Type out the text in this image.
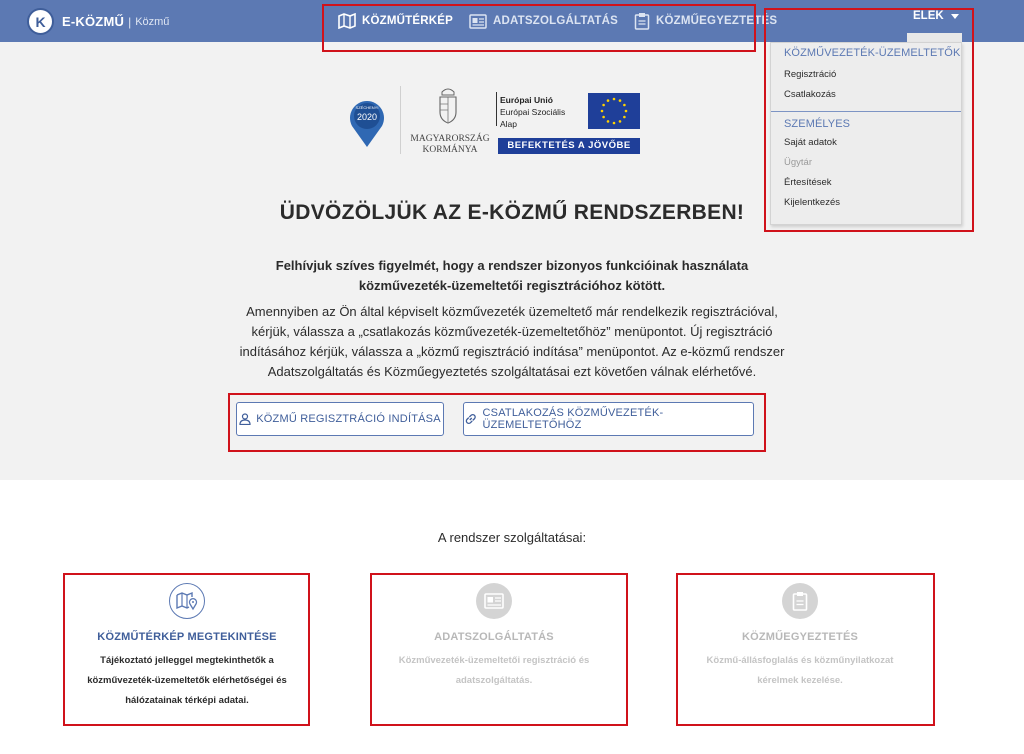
K	E-KÖZMŰ | Közmű	KÖZMŰTÉRKÉP	ADATSZOLGÁLTATÁS	KÖZMŰEGYEZTETÉS	ELEK
KÖZMŰVEZETÉK-ÜZEMELTETŐK
Regisztráció
Csatlakozás
SZEMÉLYES
Saját adatok
Ügytár
Értesítések
Kijelentkezés
SZÉCHENYI
2020
MAGYARORSZÁG
KORMÁNYA
Európai Unió
Európai Szociális
Alap
BEFEKTETÉS A JÖVŐBE
ÜDVÖZÖLJÜK AZ E-KÖZMŰ RENDSZERBEN!
Felhívjuk szíves figyelmét, hogy a rendszer bizonyos funkcióinak használata
közművezeték-üzemeltetői regisztrációhoz kötött.
Amennyiben az Ön által képviselt közművezeték üzemeltető már rendelkezik regisztrációval,
kérjük, válassza a „csatlakozás közművezeték-üzemeltetőhöz” menüpontot. Új regisztráció
indításához kérjük, válassza a „közmű regisztráció indítása” menüpontot. Az e-közmű rendszer
Adatszolgáltatás és Közműegyeztetés szolgáltatásai ezt követően válnak elérhetővé.
KÖZMŰ REGISZTRÁCIÓ INDÍTÁSA	CSATLAKOZÁS KÖZMŰVEZETÉK-ÜZEMELTETŐHÖZ
A rendszer szolgáltatásai:
KÖZMŰTÉRKÉP MEGTEKINTÉSE
Tájékoztató jelleggel megtekinthetők a
közművezeték-üzemeltetők elérhetőségei és
hálózatainak térképi adatai.
ADATSZOLGÁLTATÁS
Közművezeték-üzemeltetői regisztráció és
adatszolgáltatás.
KÖZMŰEGYEZTETÉS
Közmű-állásfoglalás és közműnyilatkozat
kérelmek kezelése.
